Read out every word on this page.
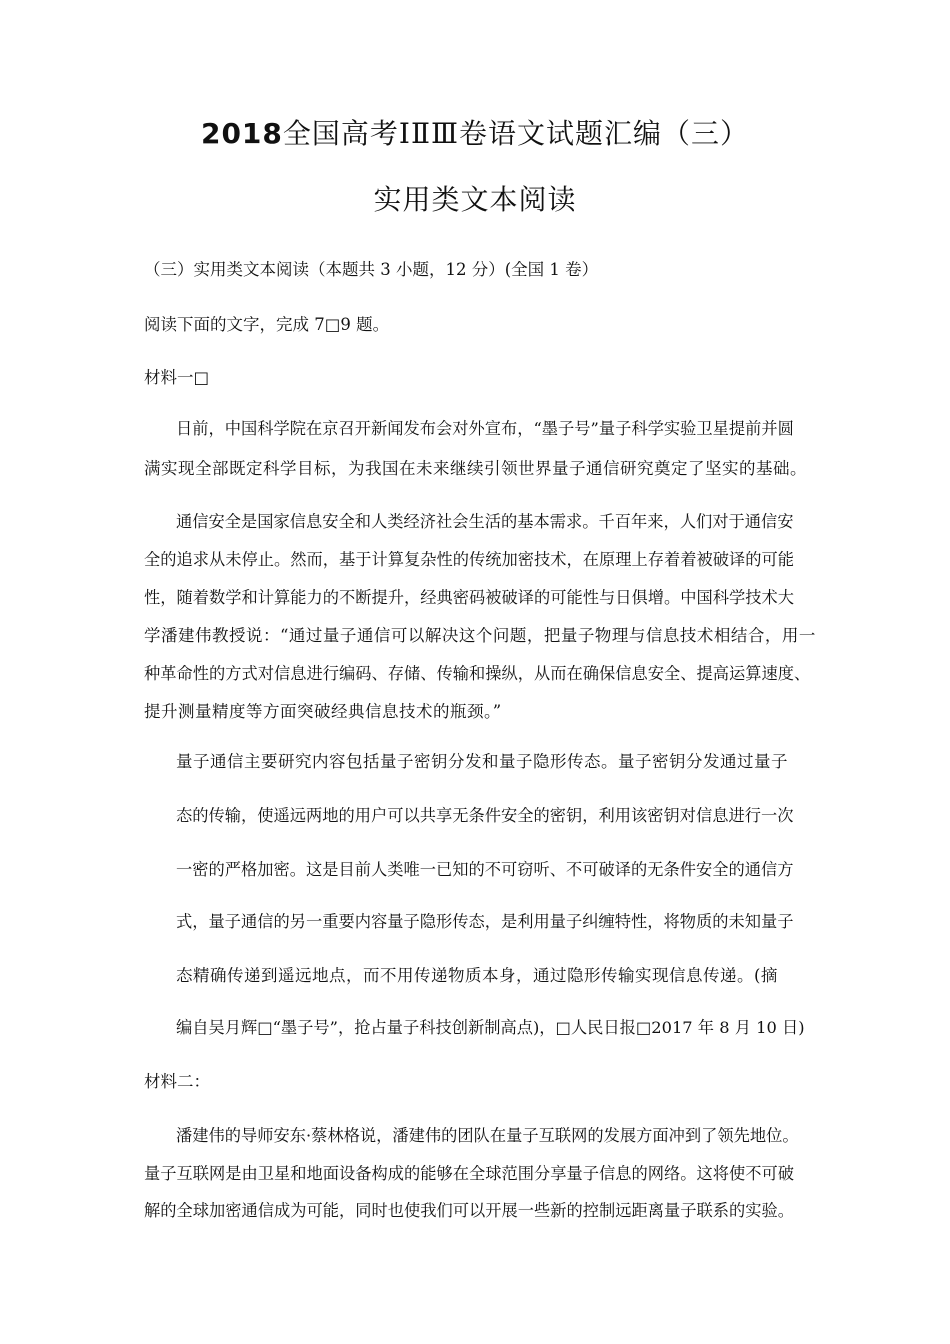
2018全国高考ⅠⅡⅢ卷语文试题汇编（三）
实用类文本阅读
（三）实用类文本阅读（本题共 3 小题，12 分）(全国 1 卷）
阅读下面的文字，完成 7□9 题。
材料一□
日前，中国科学院在京召开新闻发布会对外宣布，“墨子号”量子科学实验卫星提前并圆
满实现全部既定科学目标，为我国在未来继续引领世界量子通信研究奠定了坚实的基础。
通信安全是国家信息安全和人类经济社会生活的基本需求。千百年来，人们对于通信安
全的追求从未停止。然而，基于计算复杂性的传统加密技术，在原理上存着着被破译的可能
性，随着数学和计算能力的不断提升，经典密码被破译的可能性与日俱增。中国科学技术大
学潘建伟教授说：“通过量子通信可以解决这个问题，把量子物理与信息技术相结合，用一
种革命性的方式对信息进行编码、存储、传输和操纵，从而在确保信息安全、提高运算速度、
提升测量精度等方面突破经典信息技术的瓶颈。”
量子通信主要研究内容包括量子密钥分发和量子隐形传态。量子密钥分发通过量子
态的传输，使遥远两地的用户可以共享无条件安全的密钥，利用该密钥对信息进行一次
一密的严格加密。这是目前人类唯一已知的不可窃听、不可破译的无条件安全的通信方
式，量子通信的另一重要内容量子隐形传态，是利用量子纠缠特性，将物质的未知量子
态精确传递到遥远地点，而不用传递物质本身，通过隐形传输实现信息传递。(摘
编自吴月辉□“墨子号”，抢占量子科技创新制高点)，□人民日报□2017 年 8 月 10 日)
材料二：
潘建伟的导师安东·蔡林格说，潘建伟的团队在量子互联网的发展方面冲到了领先地位。
量子互联网是由卫星和地面设备构成的能够在全球范围分享量子信息的网络。这将使不可破
解的全球加密通信成为可能，同时也使我们可以开展一些新的控制远距离量子联系的实验。
